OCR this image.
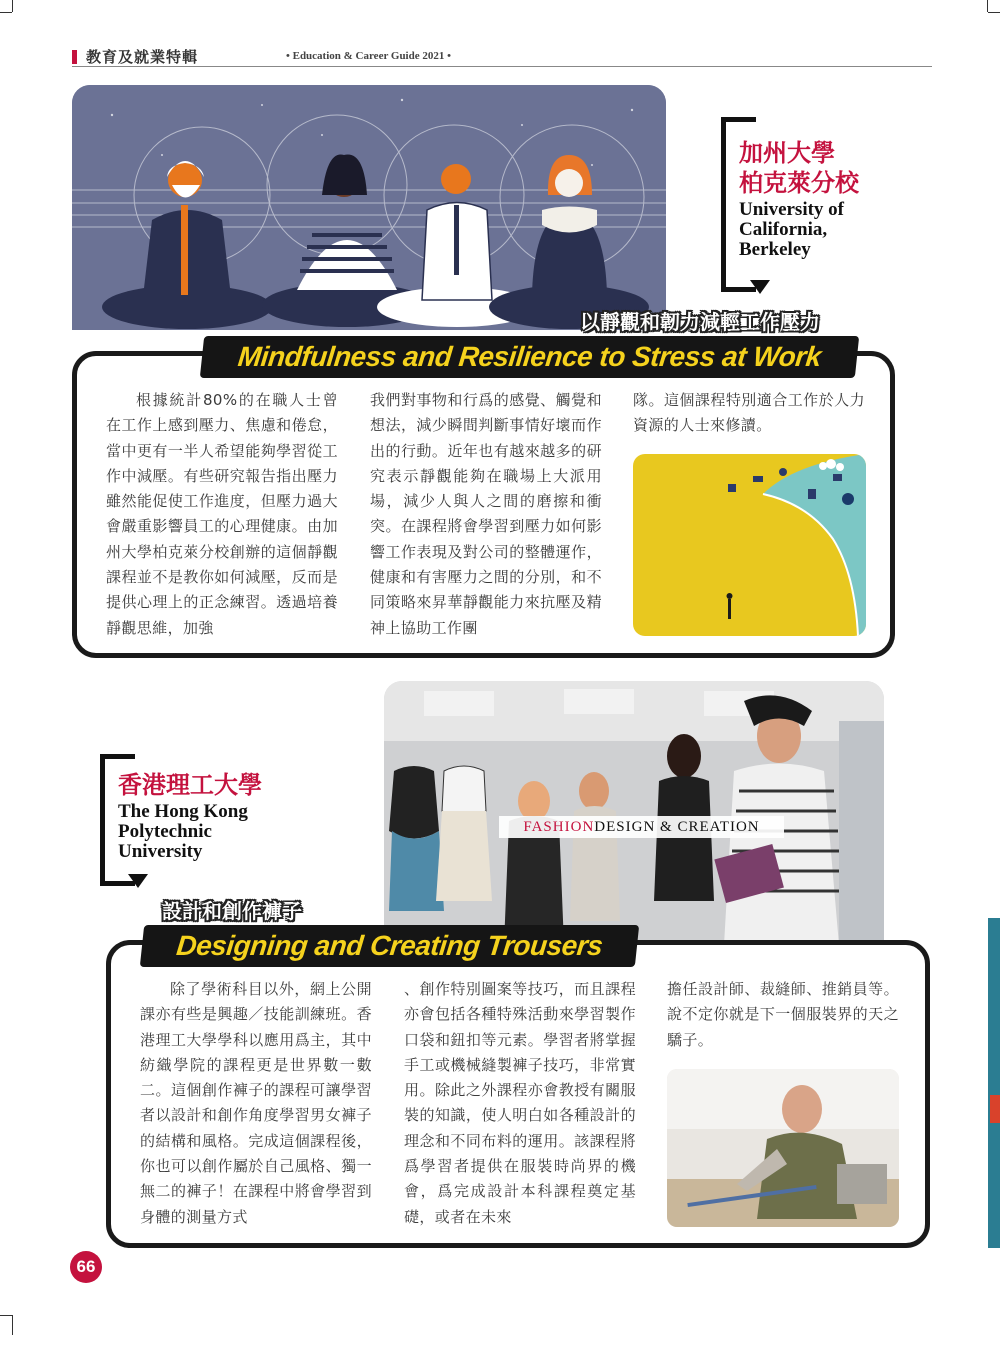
教育及就業特輯	• Education & Career Guide 2021 •
加州大學
柏克萊分校
University of
California,
Berkeley
以靜觀和韌力減輕工作壓力
Mindfulness and Resilience to Stress at Work

根據統計80%的在職人士曾在工作上感到壓力、焦慮和倦怠，當中更有一半人希望能夠學習從工作中減壓。有些研究報告指出壓力雖然能促使工作進度，但壓力過大會嚴重影響員工的心理健康。由加州大學柏克萊分校創辦的這個靜觀課程並不是教你如何減壓，反而是提供心理上的正念練習。透過培養靜觀思維，加強

我們對事物和行爲的感覺、觸覺和想法，減少瞬間判斷事情好壞而作出的行動。近年也有越來越多的研究表示靜觀能夠在職場上大派用場，減少人與人之間的磨擦和衝突。在課程將會學習到壓力如何影響工作表現及對公司的整體運作，健康和有害壓力之間的分別，和不同策略來昇華靜觀能力來抗壓及精神上協助工作團

隊。這個課程特別適合工作於人力資源的人士來修讀。

FASHIONDESIGN & CREATION
香港理工大學
The Hong Kong
Polytechnic
University
設計和創作褲子
Designing and Creating Trousers

除了學術科目以外，網上公開課亦有些是興趣／技能訓練班。香港理工大學學科以應用爲主，其中紡織學院的課程更是世界數一數二。這個創作褲子的課程可讓學習者以設計和創作角度學習男女褲子的結構和風格。完成這個課程後，你也可以創作屬於自己風格、獨一無二的褲子！在課程中將會學習到身體的測量方式

、創作特別圖案等技巧，而且課程亦會包括各種特殊活動來學習製作口袋和鈕扣等元素。學習者將掌握手工或機械縫製褲子技巧，非常實用。除此之外課程亦會教授有關服裝的知識，使人明白如各種設計的理念和不同布料的運用。該課程將爲學習者提供在服裝時尚界的機會，爲完成設計本科課程奠定基礎，或者在未來

擔任設計師、裁縫師、推銷員等。說不定你就是下一個服裝界的天之驕子。

66
